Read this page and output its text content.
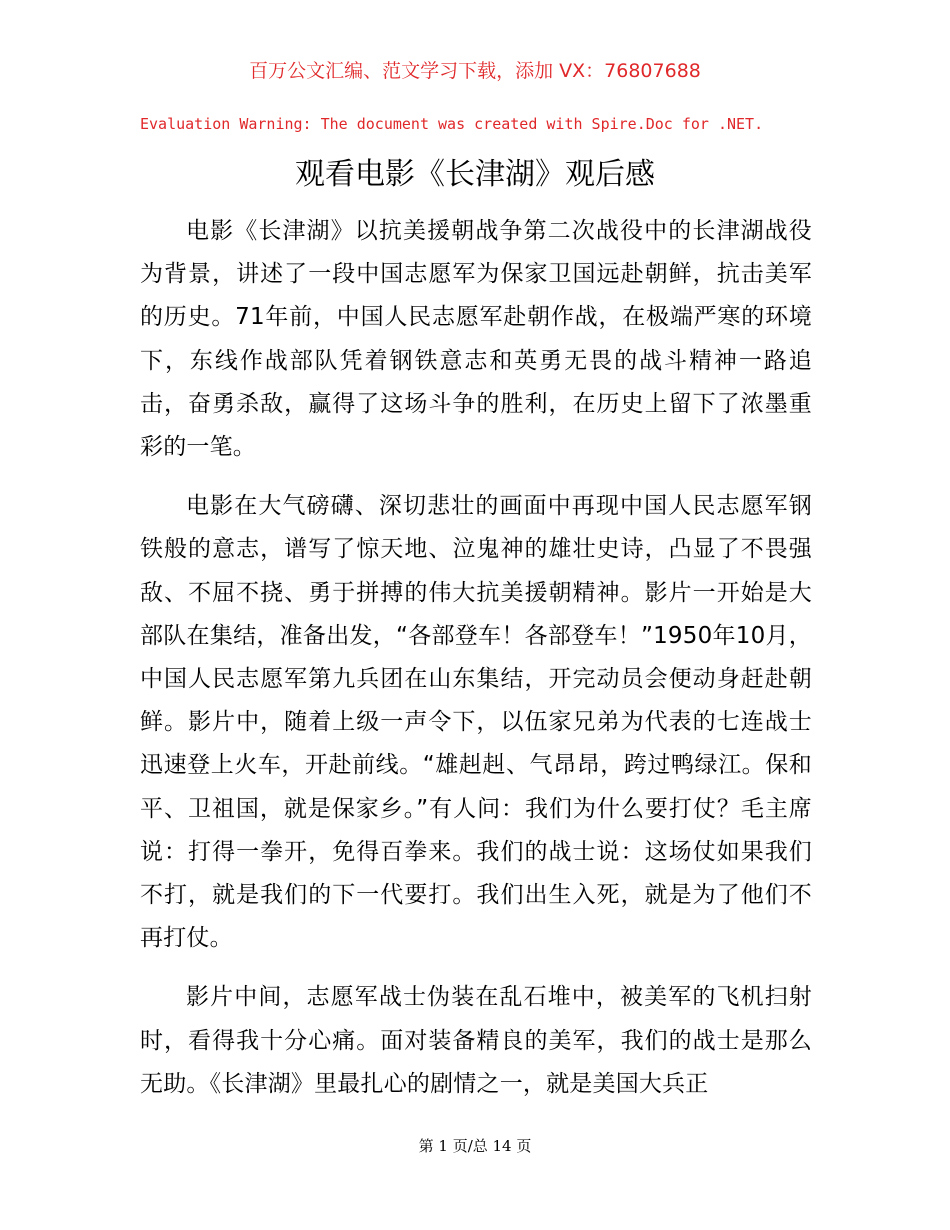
百万公文汇编、范文学习下载，添加 VX：76807688
Evaluation Warning: The document was created with Spire.Doc for .NET.
观看电影《长津湖》观后感

电影《长津湖》以抗美援朝战争第二次战役中的长津湖战役为背景，讲述了一段中国志愿军为保家卫国远赴朝鲜，抗击美军的历史。71年前，中国人民志愿军赴朝作战，在极端严寒的环境下，东线作战部队凭着钢铁意志和英勇无畏的战斗精神一路追击，奋勇杀敌，赢得了这场斗争的胜利，在历史上留下了浓墨重彩的一笔。

电影在大气磅礴、深切悲壮的画面中再现中国人民志愿军钢铁般的意志，谱写了惊天地、泣鬼神的雄壮史诗，凸显了不畏强敌、不屈不挠、勇于拼搏的伟大抗美援朝精神。影片一开始是大部队在集结，准备出发，“各部登车！各部登车！”1950年10月，中国人民志愿军第九兵团在山东集结，开完动员会便动身赶赴朝鲜。影片中，随着上级一声令下，以伍家兄弟为代表的七连战士迅速登上火车，开赴前线。“雄赳赳、气昂昂，跨过鸭绿江。保和平、卫祖国，就是保家乡。”有人问：我们为什么要打仗？毛主席说：打得一拳开，免得百拳来。我们的战士说：这场仗如果我们不打，就是我们的下一代要打。我们出生入死，就是为了他们不再打仗。

影片中间，志愿军战士伪装在乱石堆中，被美军的飞机扫射时，看得我十分心痛。面对装备精良的美军，我们的战士是那么无助。《长津湖》里最扎心的剧情之一，就是美国大兵正

第 1 页/总 14 页
